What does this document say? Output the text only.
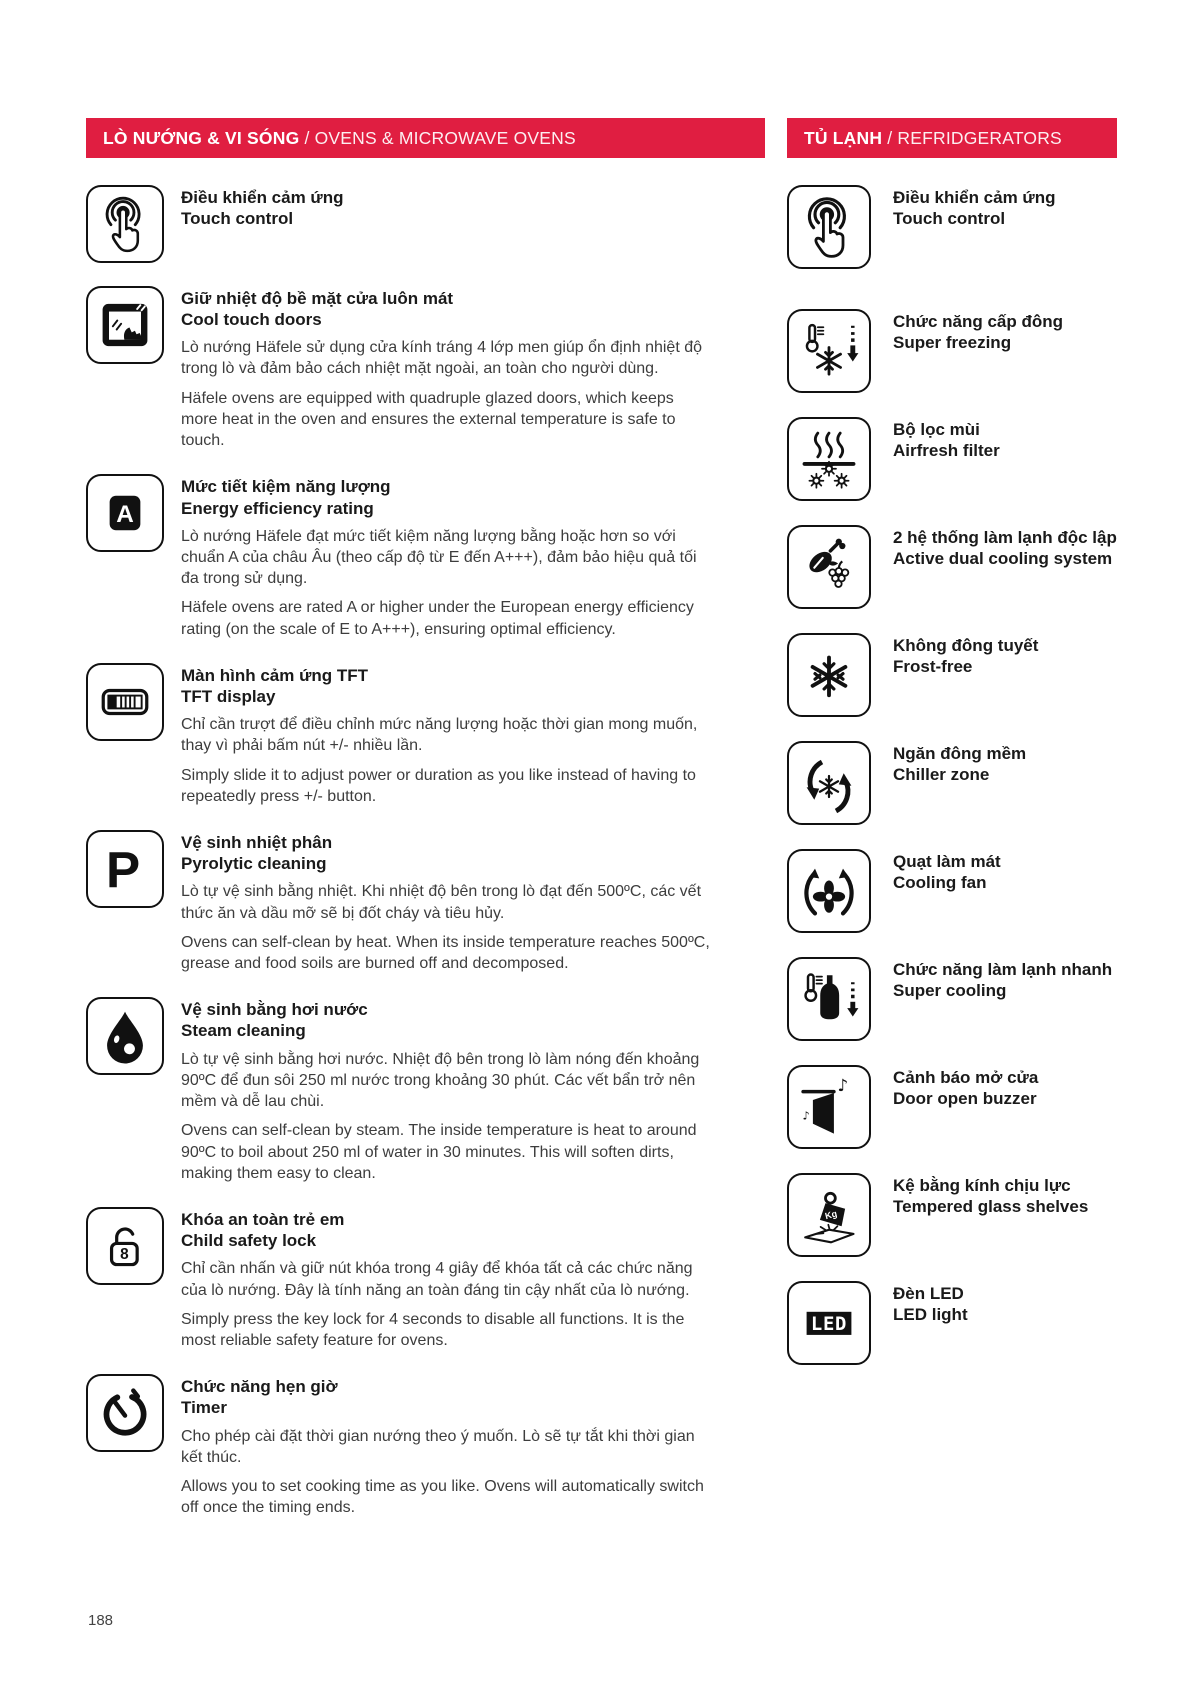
LÒ NƯỚNG & VI SÓNG / OVENS & MICROWAVE OVENS
Điều khiển cảm ứng
Touch control
Giữ nhiệt độ bề mặt cửa luôn mát
Cool touch doors

Lò nướng Häfele sử dụng cửa kính tráng 4 lớp men giúp ổn định nhiệt độ trong lò và đảm bảo cách nhiệt mặt ngoài, an toàn cho người dùng.

Häfele ovens are equipped with quadruple glazed doors, which keeps more heat in the oven and ensures the external temperature is safe to touch.

A
Mức tiết kiệm năng lượng
Energy efficiency rating

Lò nướng Häfele đạt mức tiết kiệm năng lượng bằng hoặc hơn so với chuẩn A của châu Âu (theo cấp độ từ E đến A+++), đảm bảo hiệu quả tối đa trong sử dụng.

Häfele ovens are rated A or higher under the European energy efficiency rating (on the scale of E to A+++), ensuring optimal efficiency.

Màn hình cảm ứng TFT
TFT display

Chỉ cần trượt để điều chỉnh mức năng lượng hoặc thời gian mong muốn, thay vì phải bấm nút +/- nhiều lần.

Simply slide it to adjust power or duration as you like instead of having to repeatedly press +/- button.

P Vệ sinh nhiệt phân
Pyrolytic cleaning

Lò tự vệ sinh bằng nhiệt. Khi nhiệt độ bên trong lò đạt đến 500ºC, các vết thức ăn và dầu mỡ sẽ bị đốt cháy và tiêu hủy.

Ovens can self-clean by heat. When its inside temperature reaches 500ºC, grease and food soils are burned off and decomposed.

Vệ sinh bằng hơi nước
Steam cleaning

Lò tự vệ sinh bằng hơi nước. Nhiệt độ bên trong lò làm nóng đến khoảng 90ºC để đun sôi 250 ml nước trong khoảng 30 phút. Các vết bẩn trở nên mềm và dễ lau chùi.

Ovens can self-clean by steam. The inside temperature is heat to around 90ºC to boil about 250 ml of water in 30 minutes. This will soften dirts, making them easy to clean.

8
Khóa an toàn trẻ em
Child safety lock

Chỉ cần nhấn và giữ nút khóa trong 4 giây để khóa tất cả các chức năng của lò nướng. Đây là tính năng an toàn đáng tin cậy nhất của lò nướng.

Simply press the key lock for 4 seconds to disable all functions. It is the most reliable safety feature for ovens.

Chức năng hẹn giờ
Timer

Cho phép cài đặt thời gian nướng theo ý muốn. Lò sẽ tự tắt khi thời gian kết thúc.

Allows you to set cooking time as you like. Ovens will automatically switch off once the timing ends.

TỦ LẠNH / REFRIDGERATORS
Điều khiển cảm ứng
Touch control
Chức năng cấp đông
Super freezing
Bộ lọc mùi
Airfresh filter
2 hệ thống làm lạnh độc lập
Active dual cooling system
Không đông tuyết
Frost-free
Ngăn đông mềm
Chiller zone
Quạt làm mát
Cooling fan
Chức năng làm lạnh nhanh
Super cooling
♪
♪
Cảnh báo mở cửa
Door open buzzer
Kg
Kệ bằng kính chịu lực
Tempered glass shelves
LED
Đèn LED
LED light
188
